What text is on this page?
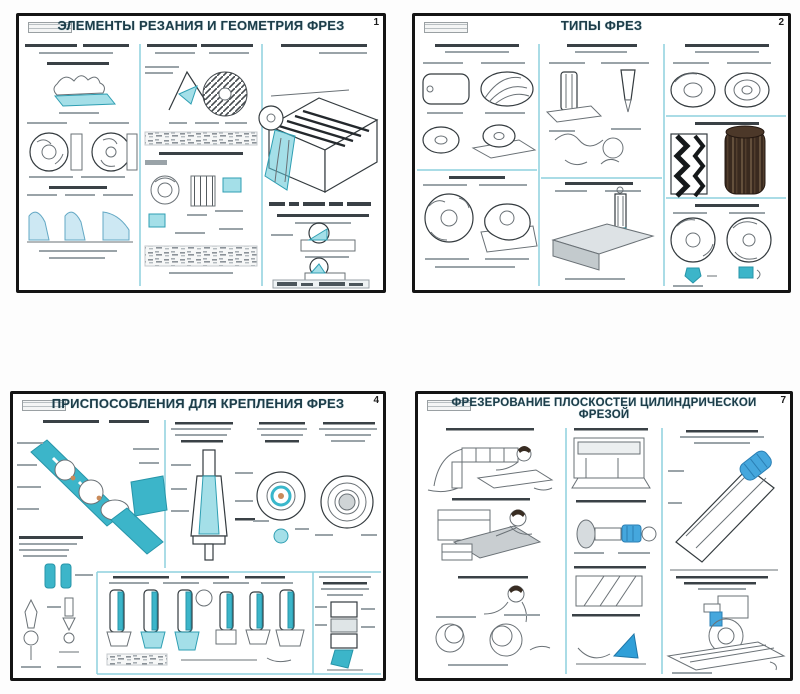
ЭЛЕМЕНТЫ РЕЗАНИЯ И ГЕОМЕТРИЯ ФРЕЗ	1	ТИПЫ ФРЕЗ	2
ПРИСПОСОБЛЕНИЯ ДЛЯ КРЕПЛЕНИЯ ФРЕЗ	4	ФРЕЗЕРОВАНИЕ ПЛОСКОСТЕЙ ЦИЛИНДРИЧЕСКОЙ ФРЕЗОЙ
7
